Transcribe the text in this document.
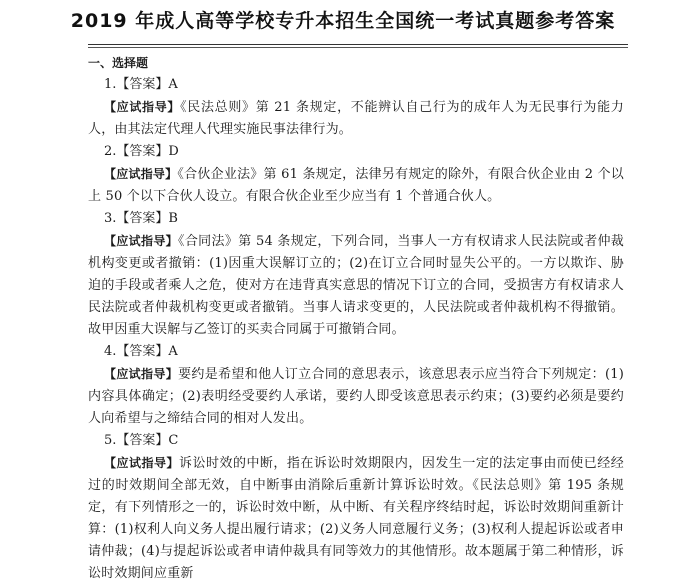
2019 年成人高等学校专升本招生全国统一考试真题参考答案
一、选择题
1.【答案】A
【应试指导】《民法总则》第 21 条规定，不能辨认自己行为的成年人为无民事行为能力人，由其法定代理人代理实施民事法律行为。
2.【答案】D
【应试指导】《合伙企业法》第 61 条规定，法律另有规定的除外，有限合伙企业由 2 个以上 50 个以下合伙人设立。有限合伙企业至少应当有 1 个普通合伙人。
3.【答案】B
【应试指导】《合同法》第 54 条规定，下列合同，当事人一方有权请求人民法院或者仲裁机构变更或者撤销：(1)因重大误解订立的；(2)在订立合同时显失公平的。一方以欺诈、胁迫的手段或者乘人之危，使对方在违背真实意思的情况下订立的合同，受损害方有权请求人民法院或者仲裁机构变更或者撤销。当事人请求变更的，人民法院或者仲裁机构不得撤销。故甲因重大误解与乙签订的买卖合同属于可撤销合同。
4.【答案】A
【应试指导】要约是希望和他人订立合同的意思表示，该意思表示应当符合下列规定：(1)内容具体确定；(2)表明经受要约人承诺，要约人即受该意思表示约束；(3)要约必须是要约人向希望与之缔结合同的相对人发出。
5.【答案】C
【应试指导】诉讼时效的中断，指在诉讼时效期限内，因发生一定的法定事由而使已经经过的时效期间全部无效，自中断事由消除后重新计算诉讼时效。《民法总则》第 195 条规定，有下列情形之一的，诉讼时效中断，从中断、有关程序终结时起，诉讼时效期间重新计算：(1)权利人向义务人提出履行请求；(2)义务人同意履行义务；(3)权利人提起诉讼或者申请仲裁；(4)与提起诉讼或者申请仲裁具有同等效力的其他情形。故本题属于第二种情形，诉讼时效期间应重新
